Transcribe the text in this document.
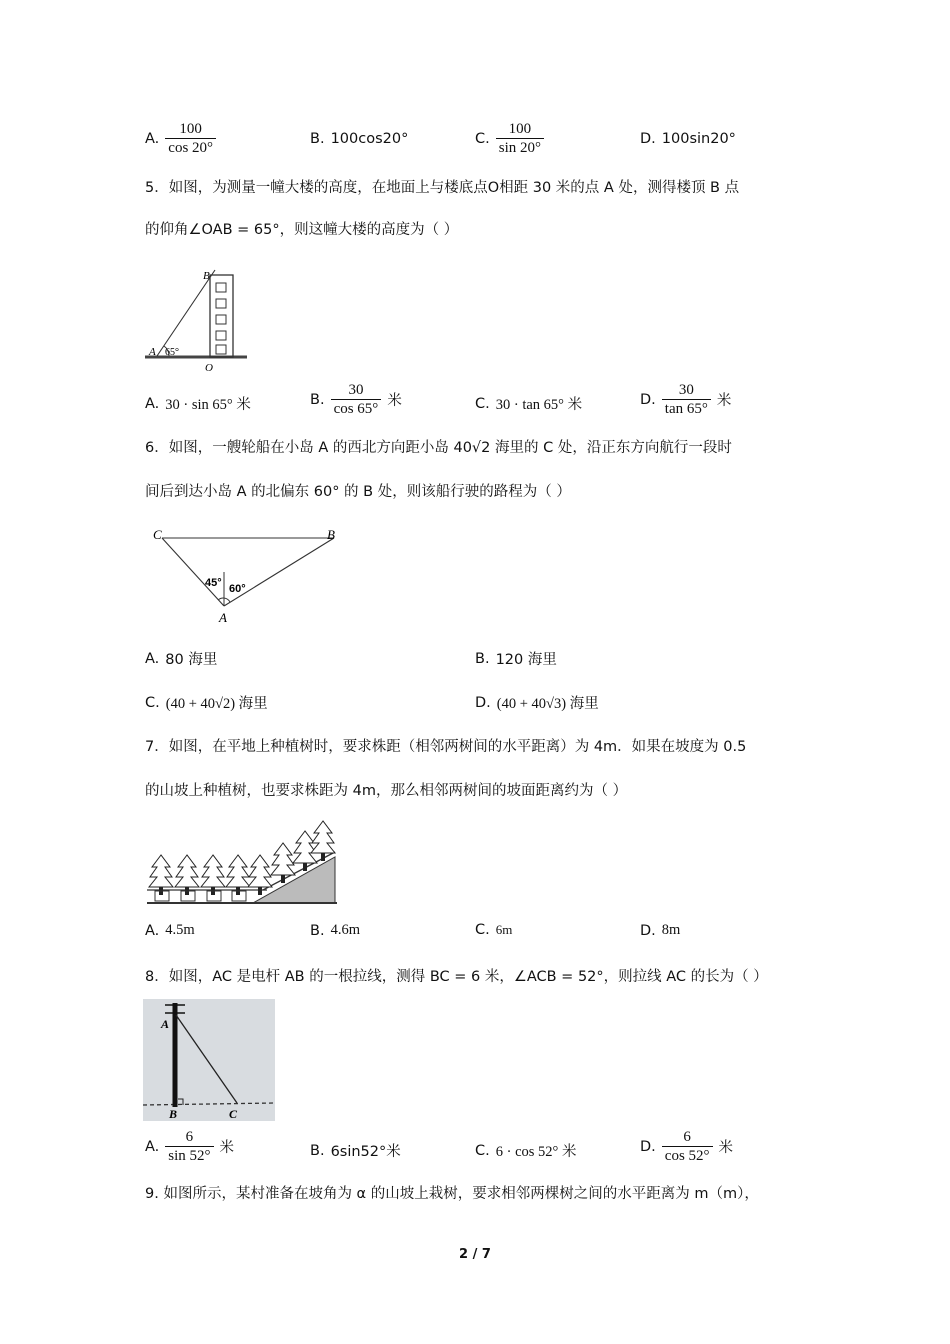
A. $\frac{100}{\cos 20^\circ}$	B. 100cos20°	C. $\frac{100}{\sin 20^\circ}$	D. 100sin20°
5．如图，为测量一幢大楼的高度，在地面上与楼底点O相距 30 米的点 A 处，测得楼顶 B 点
的仰角∠OAB = 65°，则这幢大楼的高度为（ ）
B
A 65°
O
A. 30 · sin 65° 米	B. $\frac{30}{\cos 65^\circ}$ 米	C. 30 · tan 65° 米	D. $\frac{30}{\tan 65^\circ}$ 米
6．如图，一艘轮船在小岛 A 的西北方向距小岛 40√2 海里的 C 处，沿正东方向航行一段时
间后到达小岛 A 的北偏东 60° 的 B 处，则该船行驶的路程为（ ）
C	B
A
45° 60°
A. 80 海里	B. 120 海里
C. (40 + 40√2) 海里	D. (40 + 40√3) 海里
7．如图，在平地上种植树时，要求株距（相邻两树间的水平距离）为 4m．如果在坡度为 0.5
的山坡上种植树，也要求株距为 4m，那么相邻两树间的坡面距离约为（ ）
A. 4.5m	B. 4.6m	C. 6m	D. 8m
8．如图，AC 是电杆 AB 的一根拉线，测得 BC = 6 米，∠ACB = 52°，则拉线 AC 的长为（ ）
A
B	C
A. $\frac{6}{\sin 52^\circ}$ 米	B. 6sin52°米	C. 6 · cos 52° 米	D. $\frac{6}{\cos 52^\circ}$ 米
9. 如图所示，某村准备在坡角为 α 的山坡上栽树，要求相邻两棵树之间的水平距离为 m（m），
2 / 7
